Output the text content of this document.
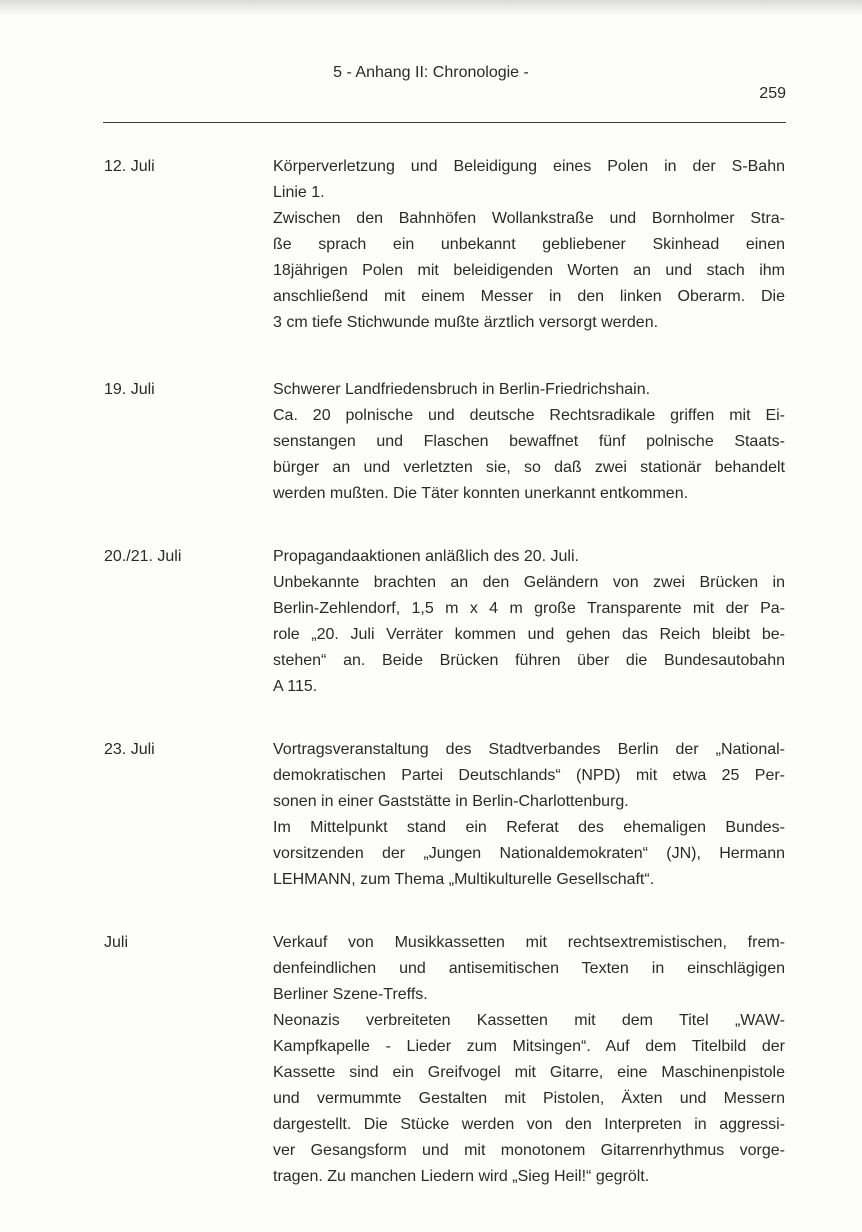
5 - Anhang II: Chronologie -
259
12. Juli	Körperverletzung und Beleidigung eines Polen in der S-Bahn
Linie 1.
Zwischen den Bahnhöfen Wollankstraße und Bornholmer Stra-
ße sprach ein unbekannt gebliebener Skinhead einen
18jährigen Polen mit beleidigenden Worten an und stach ihm
anschließend mit einem Messer in den linken Oberarm. Die
3 cm tiefe Stichwunde mußte ärztlich versorgt werden.
19. Juli	Schwerer Landfriedensbruch in Berlin-Friedrichshain.
Ca. 20 polnische und deutsche Rechtsradikale griffen mit Ei-
senstangen und Flaschen bewaffnet fünf polnische Staats-
bürger an und verletzten sie, so daß zwei stationär behandelt
werden mußten. Die Täter konnten unerkannt entkommen.
20./21. Juli	Propagandaaktionen anläßlich des 20. Juli.
Unbekannte brachten an den Geländern von zwei Brücken in
Berlin-Zehlendorf, 1,5 m x 4 m große Transparente mit der Pa-
role „20. Juli Verräter kommen und gehen das Reich bleibt be-
stehen“ an. Beide Brücken führen über die Bundesautobahn
A 115.
23. Juli	Vortragsveranstaltung des Stadtverbandes Berlin der „National-
demokratischen Partei Deutschlands“ (NPD) mit etwa 25 Per-
sonen in einer Gaststätte in Berlin-Charlottenburg.
Im Mittelpunkt stand ein Referat des ehemaligen Bundes-
vorsitzenden der „Jungen Nationaldemokraten“ (JN), Hermann
LEHMANN, zum Thema „Multikulturelle Gesellschaft“.
Juli	Verkauf von Musikkassetten mit rechtsextremistischen, frem-
denfeindlichen und antisemitischen Texten in einschlägigen
Berliner Szene-Treffs.
Neonazis verbreiteten Kassetten mit dem Titel „WAW-
Kampfkapelle - Lieder zum Mitsingen“. Auf dem Titelbild der
Kassette sind ein Greifvogel mit Gitarre, eine Maschinenpistole
und vermummte Gestalten mit Pistolen, Äxten und Messern
dargestellt. Die Stücke werden von den Interpreten in aggressi-
ver Gesangsform und mit monotonem Gitarrenrhythmus vorge-
tragen. Zu manchen Liedern wird „Sieg Heil!“ gegrölt.
